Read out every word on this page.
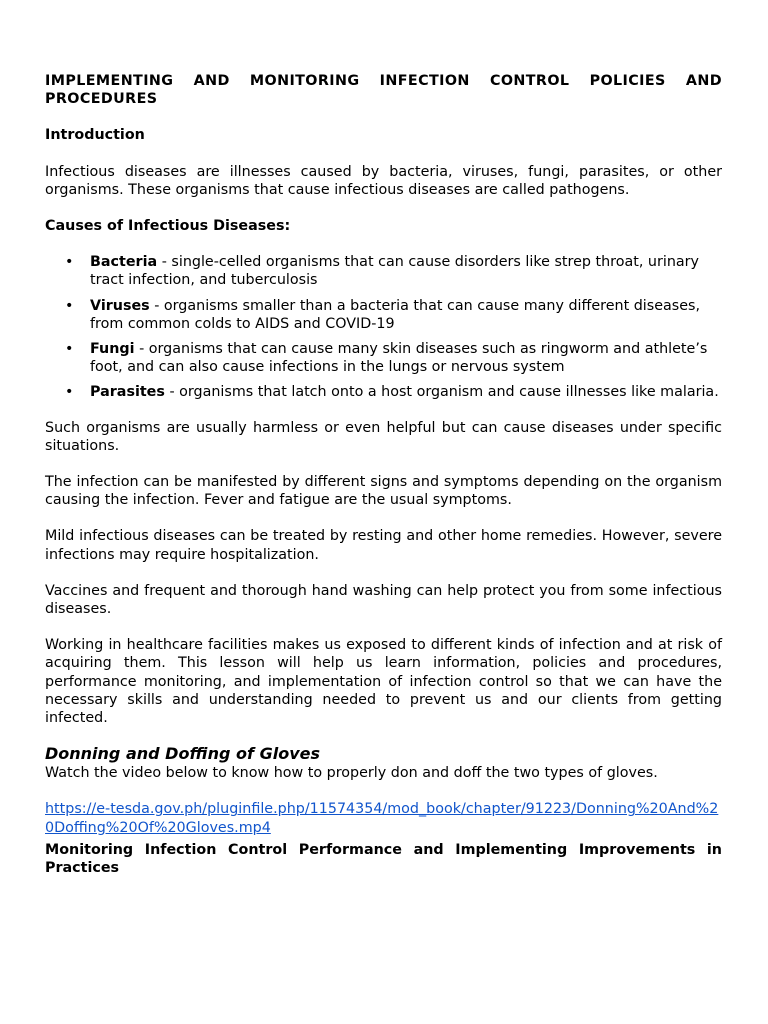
IMPLEMENTING AND MONITORING INFECTION CONTROL POLICIES AND PROCEDURES

Introduction

Infectious diseases are illnesses caused by bacteria, viruses, fungi, parasites, or other organisms. These organisms that cause infectious diseases are called pathogens.

Causes of Infectious Diseases:

• Bacteria - single-celled organisms that can cause disorders like strep throat, urinary tract infection, and tuberculosis
• Viruses - organisms smaller than a bacteria that can cause many different diseases, from common colds to AIDS and COVID-19
• Fungi - organisms that can cause many skin diseases such as ringworm and athlete’s foot, and can also cause infections in the lungs or nervous system
• Parasites - organisms that latch onto a host organism and cause illnesses like malaria.

Such organisms are usually harmless or even helpful but can cause diseases under specific situations.

The infection can be manifested by different signs and symptoms depending on the organism causing the infection. Fever and fatigue are the usual symptoms.

Mild infectious diseases can be treated by resting and other home remedies. However, severe infections may require hospitalization.

Vaccines and frequent and thorough hand washing can help protect you from some infectious diseases.

Working in healthcare facilities makes us exposed to different kinds of infection and at risk of acquiring them. This lesson will help us learn information, policies and procedures, performance monitoring, and implementation of infection control so that we can have the necessary skills and understanding needed to prevent us and our clients from getting infected.

Donning and Doffing of Gloves

Watch the video below to know how to properly don and doff the two types of gloves.

https://e-tesda.gov.ph/pluginfile.php/11574354/mod_book/chapter/91223/Donning%20And%20Doffing%20Of%20Gloves.mp4

Monitoring Infection Control Performance and Implementing Improvements in Practices
